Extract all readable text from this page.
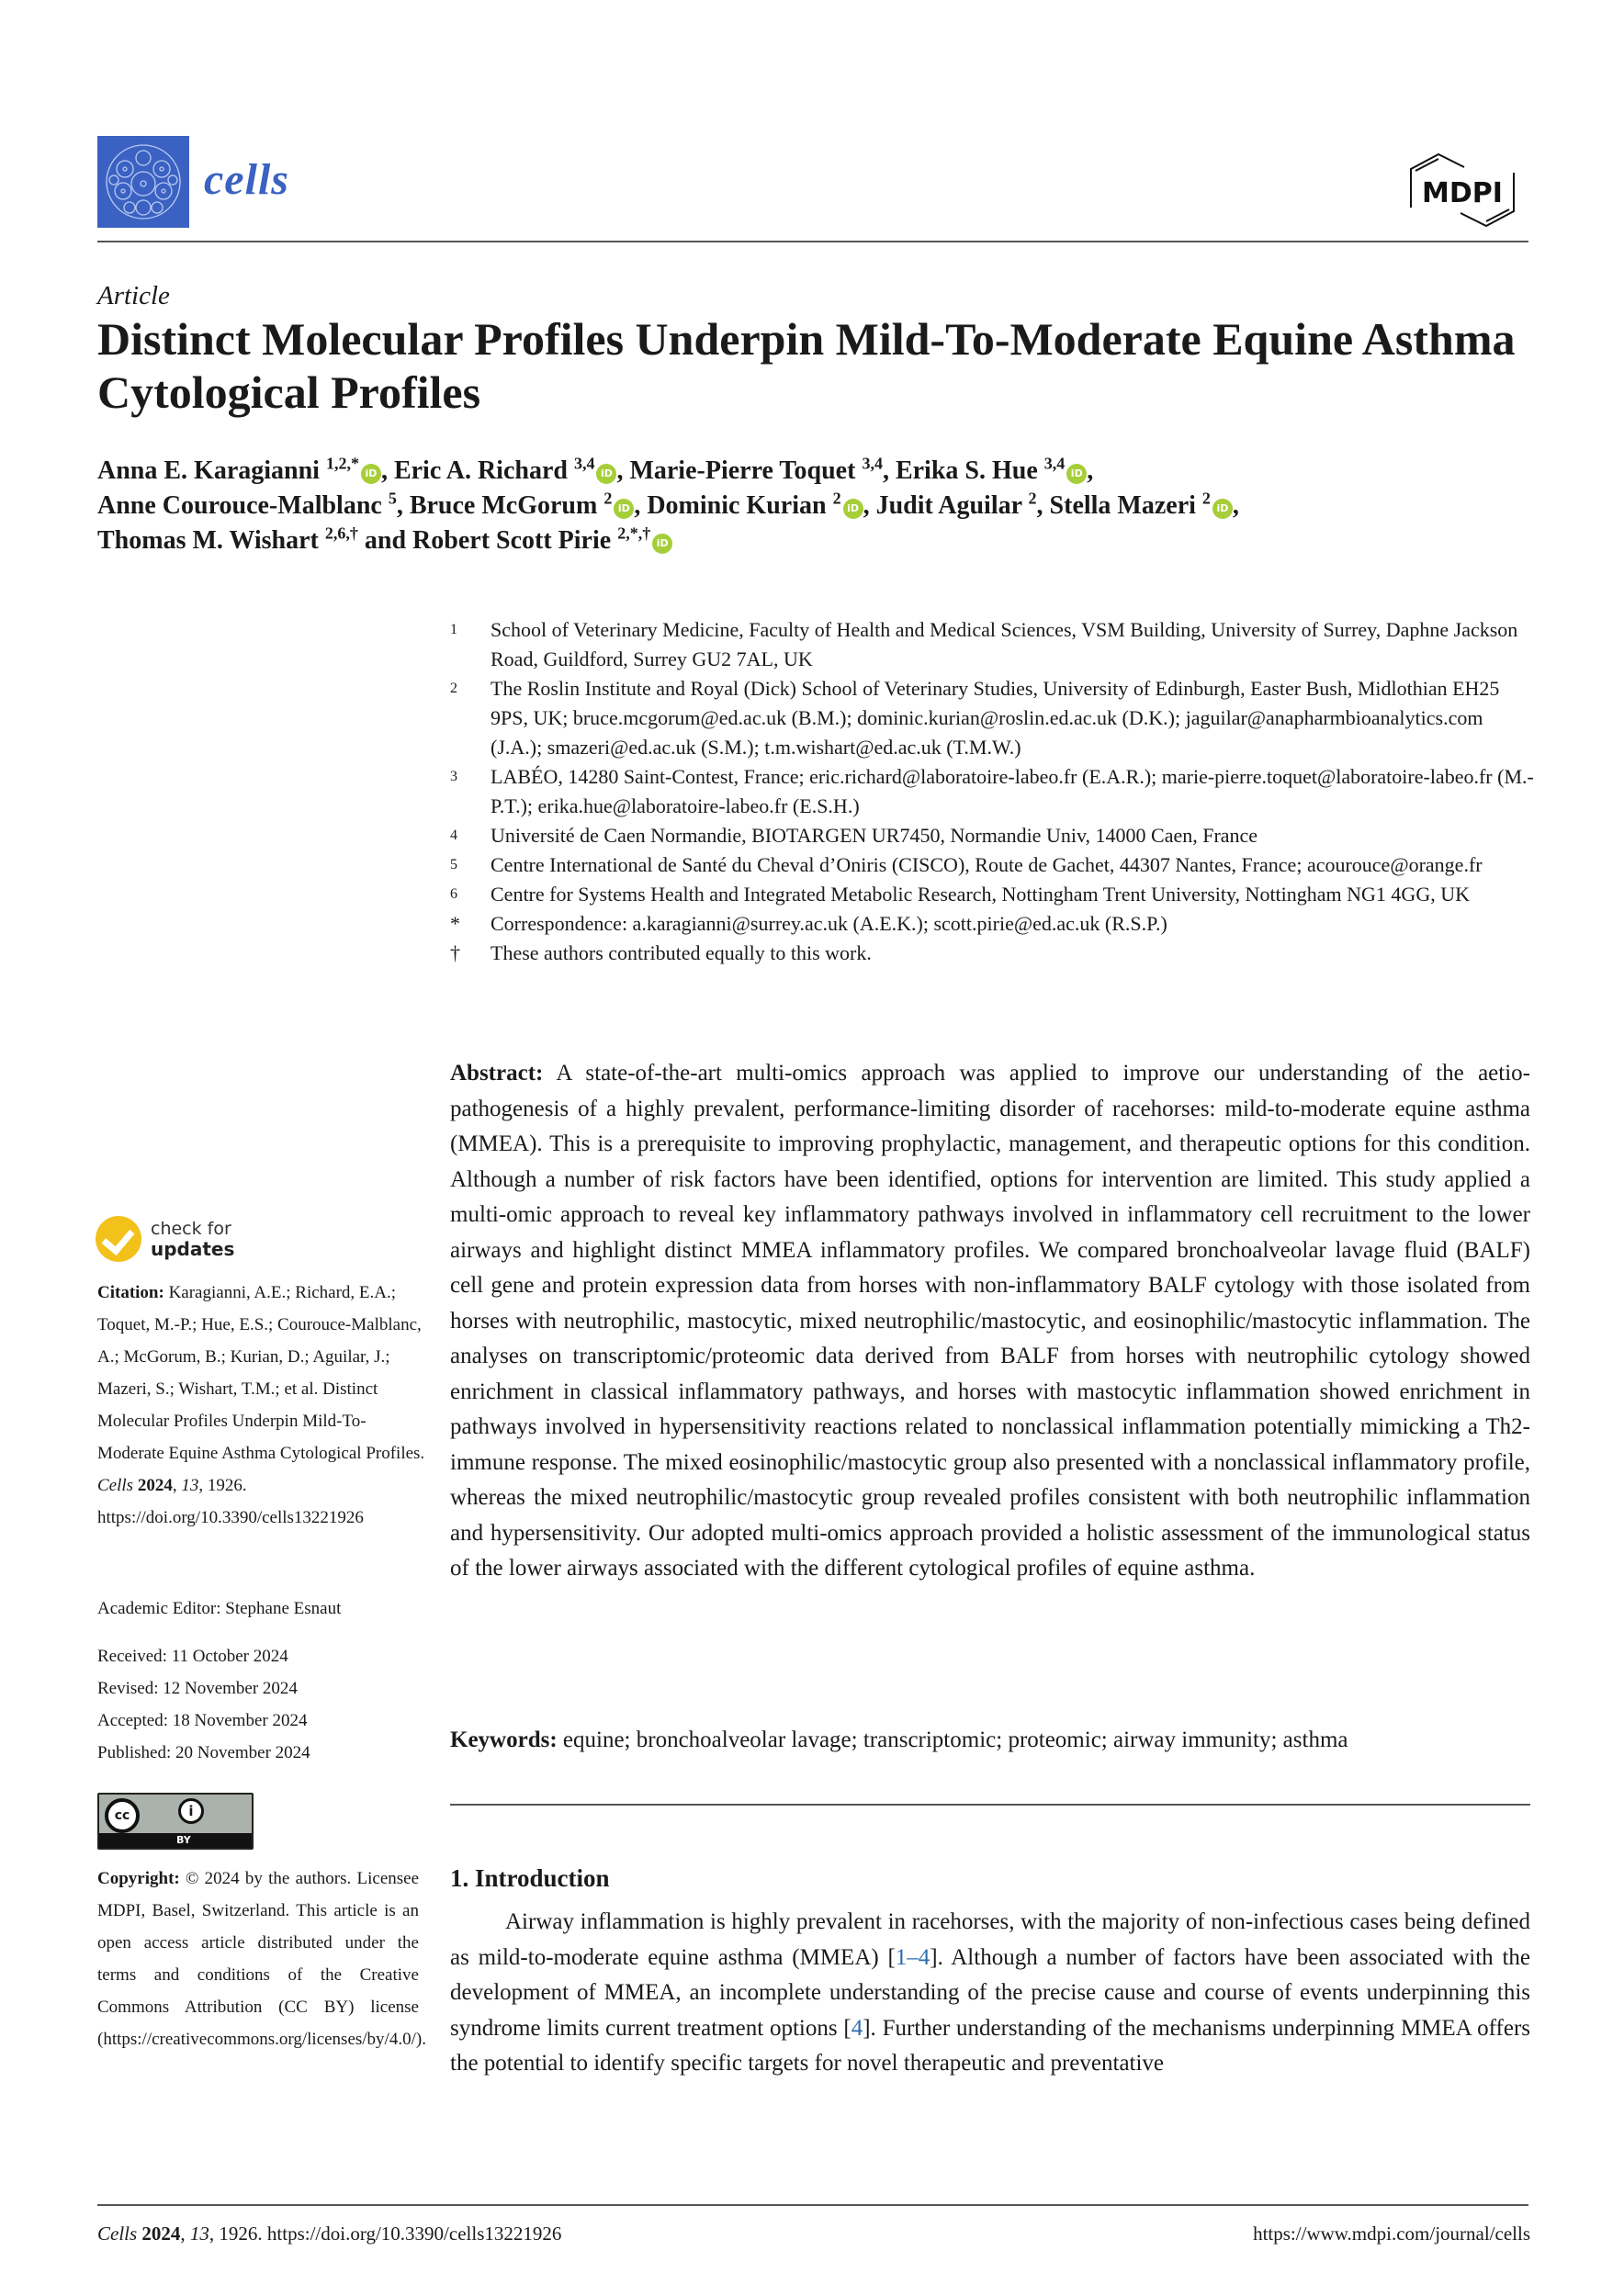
cells	MDPI
Article
Distinct Molecular Profiles Underpin Mild-To-Moderate Equine Asthma Cytological Profiles
Anna E. Karagianni $^{1,2,*}$iD , Eric A. Richard $^{3,4}$iD , Marie-Pierre Toquet $^{3,4}$, Erika S. Hue $^{3,4}$iD ,
Anne Courouce-Malblanc $^5$, Bruce McGorum $^2$iD , Dominic Kurian $^2$iD , Judit Aguilar $^2$, Stella Mazeri $^2$iD ,
Thomas M. Wishart $^{2,6,\dagger}$ and Robert Scott Pirie $^{2,*,\dagger}$iD
1	School of Veterinary Medicine, Faculty of Health and Medical Sciences, VSM Building, University of Surrey, Daphne Jackson Road, Guildford, Surrey GU2 7AL, UK
2	The Roslin Institute and Royal (Dick) School of Veterinary Studies, University of Edinburgh, Easter Bush, Midlothian EH25 9PS, UK; bruce.mcgorum@ed.ac.uk (B.M.); dominic.kurian@roslin.ed.ac.uk (D.K.); jaguilar@anapharmbioanalytics.com (J.A.); smazeri@ed.ac.uk (S.M.); t.m.wishart@ed.ac.uk (T.M.W.)
3	LABÉO, 14280 Saint-Contest, France; eric.richard@laboratoire-labeo.fr (E.A.R.); marie-pierre.toquet@laboratoire-labeo.fr (M.-P.T.); erika.hue@laboratoire-labeo.fr (E.S.H.)
4	Université de Caen Normandie, BIOTARGEN UR7450, Normandie Univ, 14000 Caen, France
5	Centre International de Santé du Cheval d’Oniris (CISCO), Route de Gachet, 44307 Nantes, France; acourouce@orange.fr
6	Centre for Systems Health and Integrated Metabolic Research, Nottingham Trent University, Nottingham NG1 4GG, UK
*	Correspondence: a.karagianni@surrey.ac.uk (A.E.K.); scott.pirie@ed.ac.uk (R.S.P.)
†	These authors contributed equally to this work.
check for
updates
Citation: Karagianni, A.E.; Richard, E.A.; Toquet, M.-P.; Hue, E.S.; Courouce-Malblanc, A.; McGorum, B.; Kurian, D.; Aguilar, J.; Mazeri, S.; Wishart, T.M.; et al. Distinct Molecular Profiles Underpin Mild-To-Moderate Equine Asthma Cytological Profiles. Cells 2024, 13, 1926. https://doi.org/10.3390/cells13221926
Academic Editor: Stephane Esnaut
Received: 11 October 2024
Revised: 12 November 2024
Accepted: 18 November 2024
Published: 20 November 2024
cc	i
BY
Copyright: © 2024 by the authors. Licensee MDPI, Basel, Switzerland. This article is an open access article distributed under the terms and conditions of the Creative Commons Attribution (CC BY) license (https://creativecommons.org/licenses/by/4.0/).
Abstract: A state-of-the-art multi-omics approach was applied to improve our understanding of the aetio-pathogenesis of a highly prevalent, performance-limiting disorder of racehorses: mild-to-moderate equine asthma (MMEA). This is a prerequisite to improving prophylactic, management, and therapeutic options for this condition. Although a number of risk factors have been identified, options for intervention are limited. This study applied a multi-omic approach to reveal key inflammatory pathways involved in inflammatory cell recruitment to the lower airways and highlight distinct MMEA inflammatory profiles. We compared bronchoalveolar lavage fluid (BALF) cell gene and protein expression data from horses with non-inflammatory BALF cytology with those isolated from horses with neutrophilic, mastocytic, mixed neutrophilic/mastocytic, and eosinophilic/mastocytic inflammation. The analyses on transcriptomic/proteomic data derived from BALF from horses with neutrophilic cytology showed enrichment in classical inflammatory pathways, and horses with mastocytic inflammation showed enrichment in pathways involved in hypersensitivity reactions related to nonclassical inflammation potentially mimicking a Th2-immune response. The mixed eosinophilic/mastocytic group also presented with a nonclassical inflammatory profile, whereas the mixed neutrophilic/mastocytic group revealed profiles consistent with both neutrophilic inflammation and hypersensitivity. Our adopted multi-omics approach provided a holistic assessment of the immunological status of the lower airways associated with the different cytological profiles of equine asthma.
Keywords: equine; bronchoalveolar lavage; transcriptomic; proteomic; airway immunity; asthma
1. Introduction
Airway inflammation is highly prevalent in racehorses, with the majority of non-infectious cases being defined as mild-to-moderate equine asthma (MMEA) [1–4]. Although a number of factors have been associated with the development of MMEA, an incomplete understanding of the precise cause and course of events underpinning this syndrome limits current treatment options [4]. Further understanding of the mechanisms underpinning MMEA offers the potential to identify specific targets for novel therapeutic and preventative
Cells 2024, 13, 1926. https://doi.org/10.3390/cells13221926	https://www.mdpi.com/journal/cells
